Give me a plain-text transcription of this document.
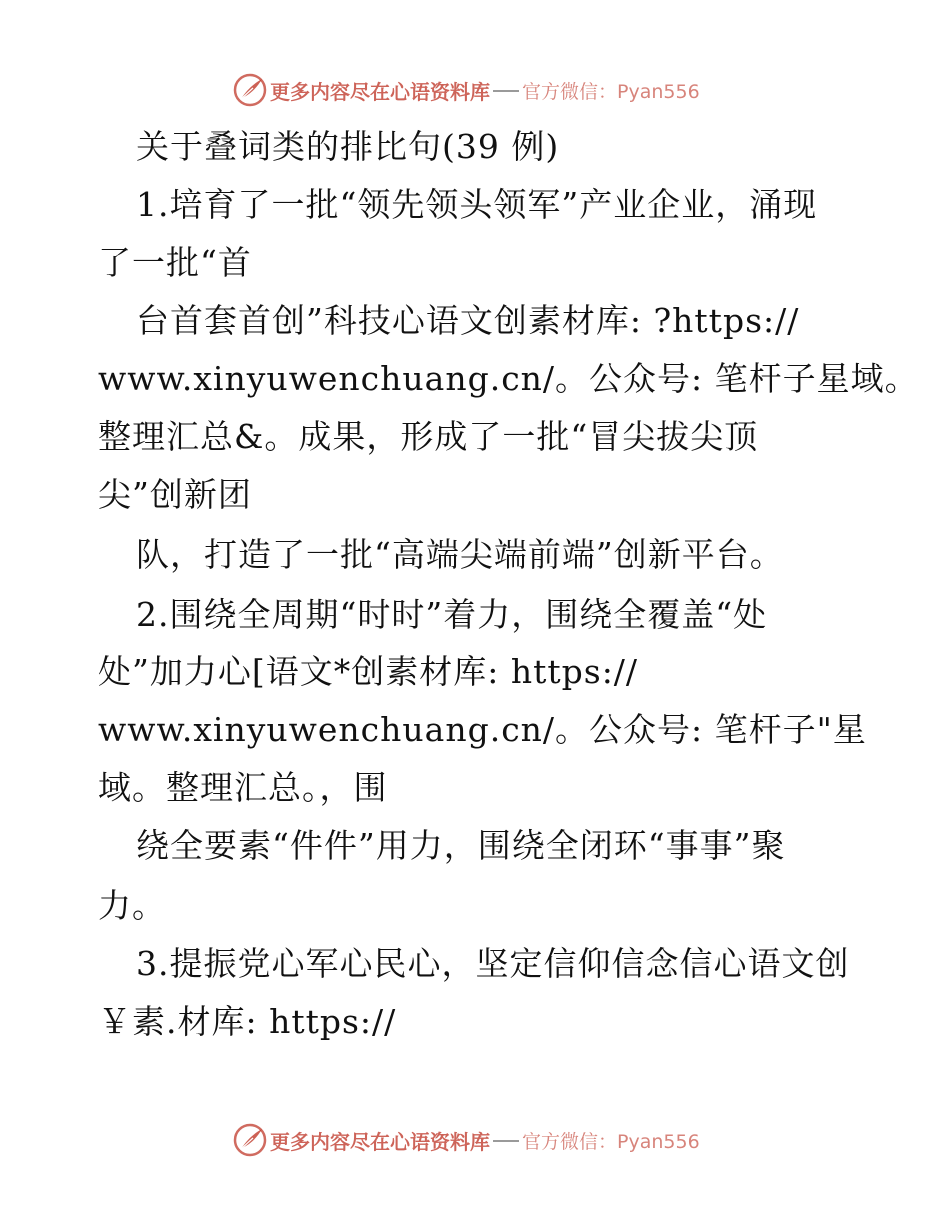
更多内容尽在心语资料库 官方微信：Pyan556
关于叠词类的排比句(39 例)
1.培育了一批“领先领头领军”产业企业，涌现
了一批“首
台首套首创”科技心语文创素材库: ?https://
www.xinyuwenchuang.cn/。公众号: 笔杆子星域。
整理汇总&。成果，形成了一批“冒尖拔尖顶
尖”创新团
队，打造了一批“高端尖端前端”创新平台。
2.围绕全周期“时时”着力，围绕全覆盖“处
处”加力心[语文*创素材库: https://
www.xinyuwenchuang.cn/。公众号: 笔杆子"星
域。整理汇总。，围
绕全要素“件件”用力，围绕全闭环“事事”聚
力。
3.提振党心军心民心，坚定信仰信念信心语文创
￥素.材库: https://
更多内容尽在心语资料库 官方微信：Pyan556
